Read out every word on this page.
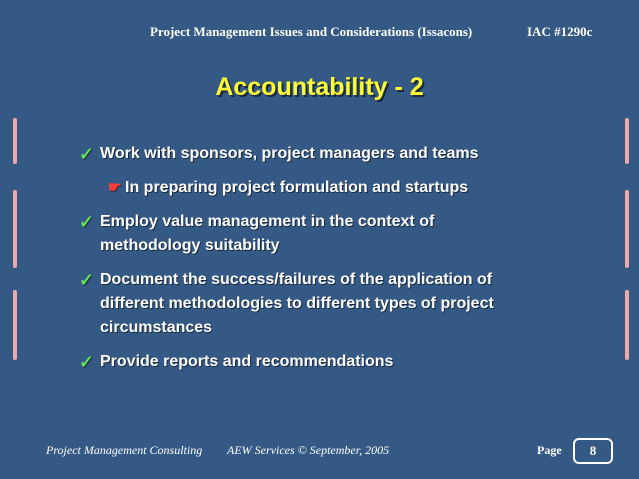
Project Management Issues and Considerations (Issacons)	IAC #1290c
Accountability - 2
✓ Work with sponsors, project managers and teams
☛ In preparing project formulation and startups
✓ Employ value management in the context of methodology suitability
✓ Document the success/failures of the application of different methodologies to different types of project circumstances
✓ Provide reports and recommendations
Project Management Consulting AEW Services © September, 2005	Page	8
